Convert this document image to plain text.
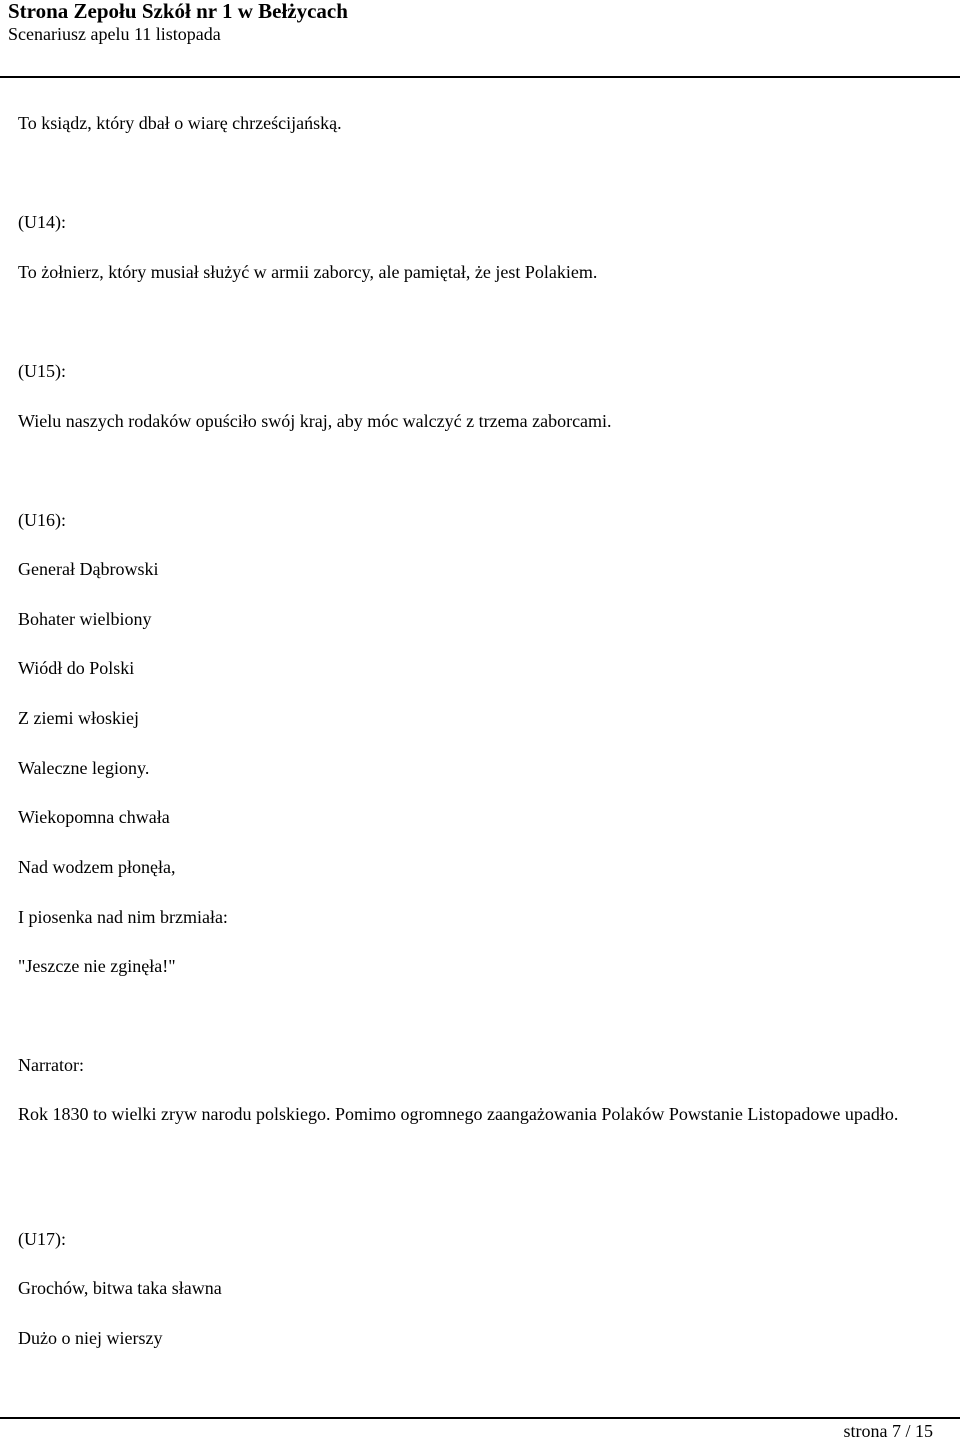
Strona Zepołu Szkół nr 1 w Bełżycach
Scenariusz apelu 11 listopada
To ksiądz, który dbał o wiarę chrześcijańską.
(U14):
To żołnierz, który musiał służyć w armii zaborcy, ale pamiętał, że jest Polakiem.
(U15):
Wielu naszych rodaków opuściło swój kraj, aby móc walczyć z trzema zaborcami.
(U16):
Generał Dąbrowski
Bohater wielbiony
Wiódł do Polski
Z ziemi włoskiej
Waleczne legiony.
Wiekopomna chwała
Nad wodzem płonęła,
I piosenka nad nim brzmiała:
"Jeszcze nie zginęła!"
Narrator:
Rok 1830 to wielki zryw narodu polskiego. Pomimo ogromnego zaangażowania Polaków Powstanie Listopadowe upadło.
(U17):
Grochów, bitwa taka sławna
Dużo o niej wierszy
strona 7 / 15
